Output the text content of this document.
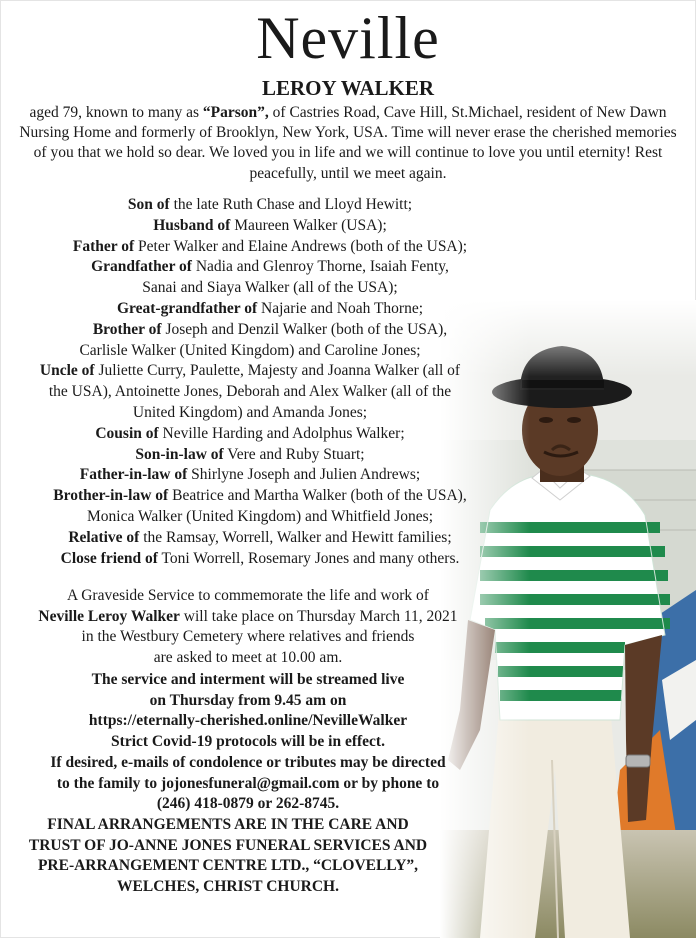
Neville
LEROY WALKER
aged 79, known to many as “Parson”, of Castries Road, Cave Hill, St.Michael, resident of New Dawn Nursing Home and formerly of Brooklyn, New York, USA. Time will never erase the cherished memories of you that we hold so dear. We loved you in life and we will continue to love you until eternity! Rest peacefully, until we meet again.
Son of the late Ruth Chase and Lloyd Hewitt;
Husband of Maureen Walker (USA);
Father of Peter Walker and Elaine Andrews (both of the USA);
Grandfather of Nadia and Glenroy Thorne, Isaiah Fenty,
Sanai and Siaya Walker (all of the USA);
Great-grandfather of Najarie and Noah Thorne;
Brother of Joseph and Denzil Walker (both of the USA),
Carlisle Walker (United Kingdom) and Caroline Jones;
Uncle of Juliette Curry, Paulette, Majesty and Joanna Walker (all of
the USA), Antoinette Jones, Deborah and Alex Walker (all of the
United Kingdom) and Amanda Jones;
Cousin of Neville Harding and Adolphus Walker;
Son-in-law of Vere and Ruby Stuart;
Father-in-law of Shirlyne Joseph and Julien Andrews;
Brother-in-law of Beatrice and Martha Walker (both of the USA),
Monica Walker (United Kingdom) and Whitfield Jones;
Relative of the Ramsay, Worrell, Walker and Hewitt families;
Close friend of Toni Worrell, Rosemary Jones and many others.
A Graveside Service to commemorate the life and work of
Neville Leroy Walker will take place on Thursday March 11, 2021
in the Westbury Cemetery where relatives and friends
are asked to meet at 10.00 am.
The service and interment will be streamed live
on Thursday from 9.45 am on
https://eternally-cherished.online/NevilleWalker
Strict Covid-19 protocols will be in effect.
If desired, e-mails of condolence or tributes may be directed
to the family to jojonesfuneral@gmail.com or by phone to
(246) 418-0879 or 262-8745.
FINAL ARRANGEMENTS ARE IN THE CARE AND
TRUST OF JO-ANNE JONES FUNERAL SERVICES AND
PRE-ARRANGEMENT CENTRE LTD., “CLOVELLY”,
WELCHES, CHRIST CHURCH.
